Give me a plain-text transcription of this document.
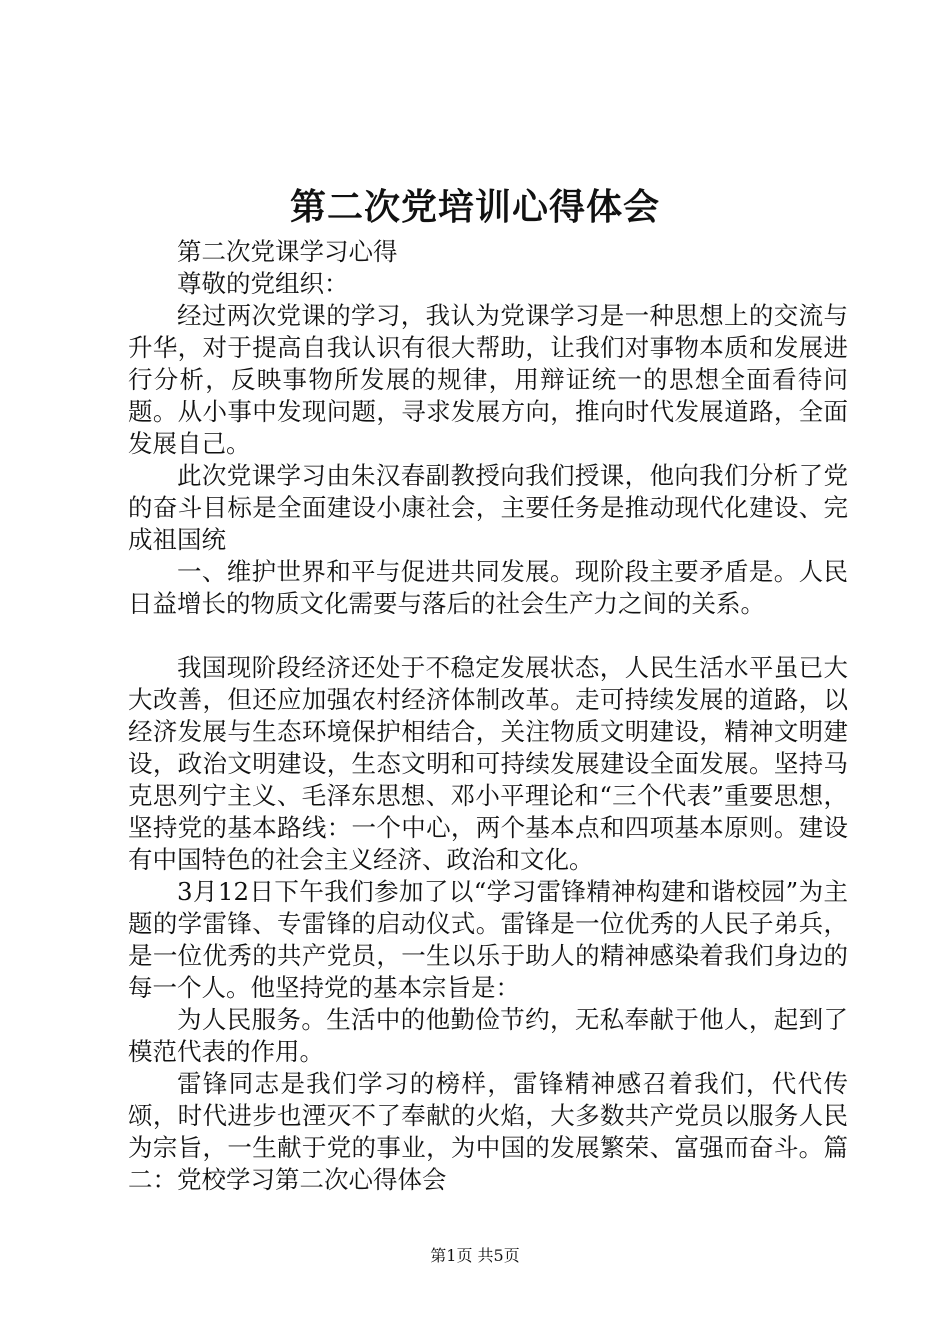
第二次党培训心得体会

第二次党课学习心得

尊敬的党组织：

经过两次党课的学习，我认为党课学习是一种思想上的交流与升华，对于提高自我认识有很大帮助，让我们对事物本质和发展进行分析，反映事物所发展的规律，用辩证统一的思想全面看待问题。从小事中发现问题，寻求发展方向，推向时代发展道路，全面发展自己。

此次党课学习由朱汉春副教授向我们授课，他向我们分析了党的奋斗目标是全面建设小康社会，主要任务是推动现代化建设、完成祖国统

一、维护世界和平与促进共同发展。现阶段主要矛盾是。人民日益增长的物质文化需要与落后的社会生产力之间的关系。

我国现阶段经济还处于不稳定发展状态，人民生活水平虽已大大改善，但还应加强农村经济体制改革。走可持续发展的道路，以经济发展与生态环境保护相结合，关注物质文明建设，精神文明建设，政治文明建设，生态文明和可持续发展建设全面发展。坚持马克思列宁主义、毛泽东思想、邓小平理论和“三个代表”重要思想，坚持党的基本路线：一个中心，两个基本点和四项基本原则。建设有中国特色的社会主义经济、政治和文化。

3月12日下午我们参加了以“学习雷锋精神构建和谐校园”为主题的学雷锋、专雷锋的启动仪式。雷锋是一位优秀的人民子弟兵，是一位优秀的共产党员，一生以乐于助人的精神感染着我们身边的每一个人。他坚持党的基本宗旨是：

为人民服务。生活中的他勤俭节约，无私奉献于他人，起到了模范代表的作用。

雷锋同志是我们学习的榜样，雷锋精神感召着我们，代代传颂，时代进步也湮灭不了奉献的火焰，大多数共产党员以服务人民为宗旨，一生献于党的事业，为中国的发展繁荣、富强而奋斗。篇二：党校学习第二次心得体会

第1页 共5页
